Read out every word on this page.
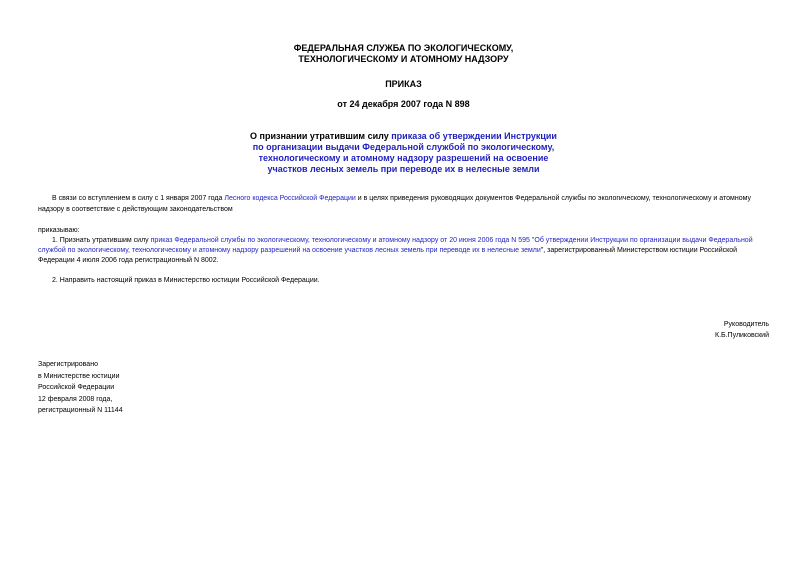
ФЕДЕРАЛЬНАЯ СЛУЖБА ПО ЭКОЛОГИЧЕСКОМУ,
ТЕХНОЛОГИЧЕСКОМУ И АТОМНОМУ НАДЗОРУ
ПРИКАЗ
от 24 декабря 2007 года N 898
О признании утратившим силу приказа об утверждении Инструкции
по организации выдачи Федеральной службой по экологическому,
технологическому и атомному надзору разрешений на освоение
участков лесных земель при переводе их в нелесные земли
В связи со вступлением в силу с 1 января 2007 года Лесного кодекса Российской Федерации и в целях приведения руководящих документов Федеральной службы по экологическому, технологическому и атомному
надзору в соответствие с действующим законодательством
приказываю:
1. Признать утратившим силу приказ Федеральной службы по экологическому, технологическому и атомному надзору от 20 июня 2006 года N 595 "Об утверждении Инструкции по организации выдачи Федеральной
службой по экологическому, технологическому и атомному надзору разрешений на освоение участков лесных земель при переводе их в нелесные земли", зарегистрированный Министерством юстиции Российской
Федерации 4 июля 2006 года регистрационный N 8002.
2. Направить настоящий приказ в Министерство юстиции Российской Федерации.
Руководитель
К.Б.Пуликовский
Зарегистрировано
в Министерстве юстиции
Российской Федерации
12 февраля 2008 года,
регистрационный N 11144
